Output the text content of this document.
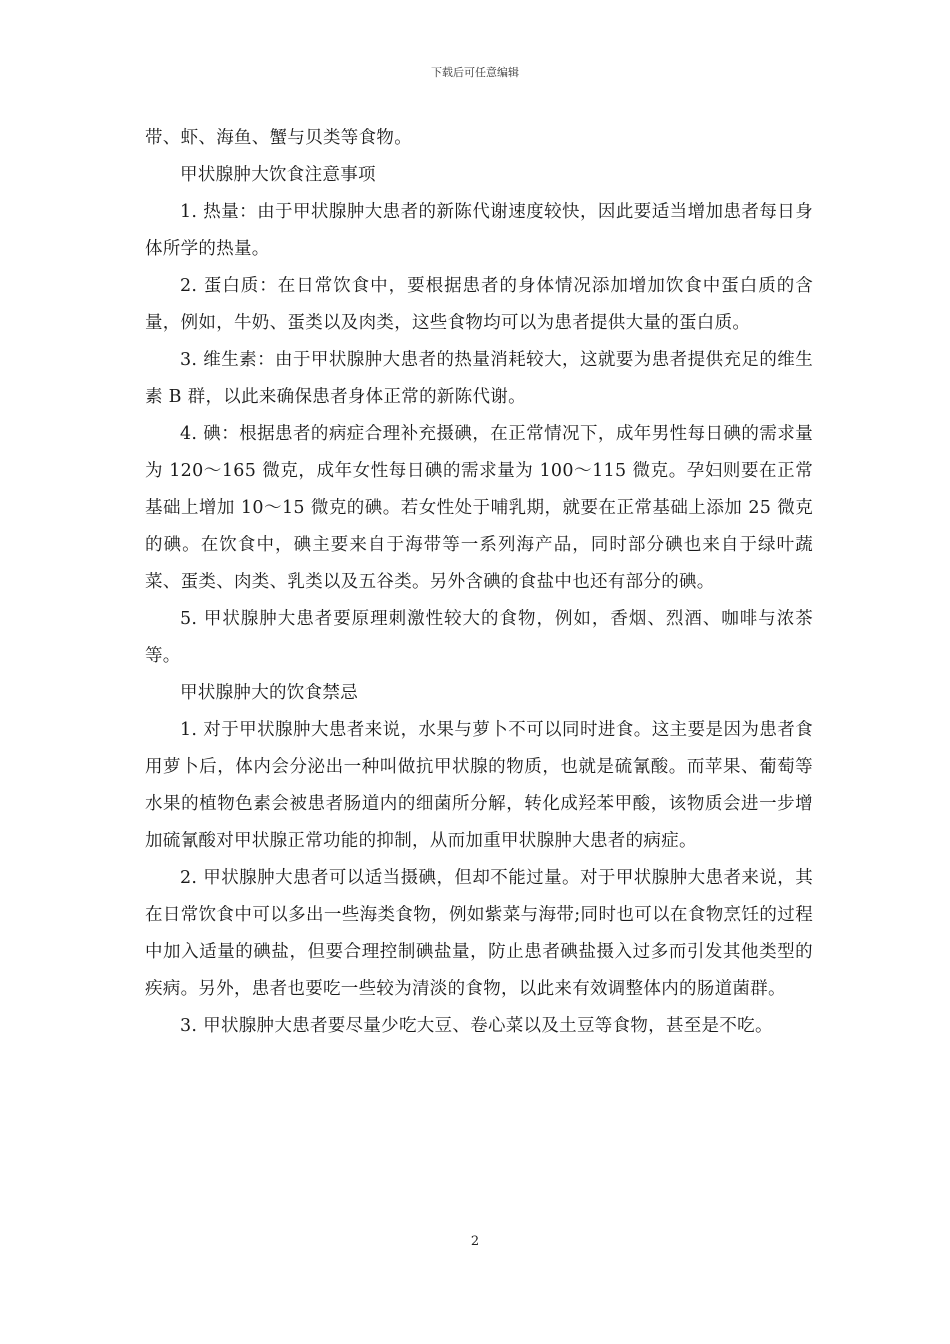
下载后可任意编辑

带、虾、海鱼、蟹与贝类等食物。

甲状腺肿大饮食注意事项

1. 热量：由于甲状腺肿大患者的新陈代谢速度较快，因此要适当增加患者每日身体所学的热量。

2. 蛋白质：在日常饮食中，要根据患者的身体情况添加增加饮食中蛋白质的含量，例如，牛奶、蛋类以及肉类，这些食物均可以为患者提供大量的蛋白质。

3. 维生素：由于甲状腺肿大患者的热量消耗较大，这就要为患者提供充足的维生素 B 群，以此来确保患者身体正常的新陈代谢。

4. 碘：根据患者的病症合理补充摄碘，在正常情况下，成年男性每日碘的需求量为 120～165 微克，成年女性每日碘的需求量为 100～115 微克。孕妇则要在正常基础上增加 10～15 微克的碘。若女性处于哺乳期，就要在正常基础上添加 25 微克的碘。在饮食中，碘主要来自于海带等一系列海产品，同时部分碘也来自于绿叶蔬菜、蛋类、肉类、乳类以及五谷类。另外含碘的食盐中也还有部分的碘。

5. 甲状腺肿大患者要原理刺激性较大的食物，例如，香烟、烈酒、咖啡与浓茶等。

甲状腺肿大的饮食禁忌

1. 对于甲状腺肿大患者来说，水果与萝卜不可以同时进食。这主要是因为患者食用萝卜后，体内会分泌出一种叫做抗甲状腺的物质，也就是硫氰酸。而苹果、葡萄等水果的植物色素会被患者肠道内的细菌所分解，转化成羟苯甲酸，该物质会进一步增加硫氰酸对甲状腺正常功能的抑制，从而加重甲状腺肿大患者的病症。

2. 甲状腺肿大患者可以适当摄碘，但却不能过量。对于甲状腺肿大患者来说，其在日常饮食中可以多出一些海类食物，例如紫菜与海带;同时也可以在食物烹饪的过程中加入适量的碘盐，但要合理控制碘盐量，防止患者碘盐摄入过多而引发其他类型的疾病。另外，患者也要吃一些较为清淡的食物，以此来有效调整体内的肠道菌群。

3. 甲状腺肿大患者要尽量少吃大豆、卷心菜以及土豆等食物，甚至是不吃。

2
